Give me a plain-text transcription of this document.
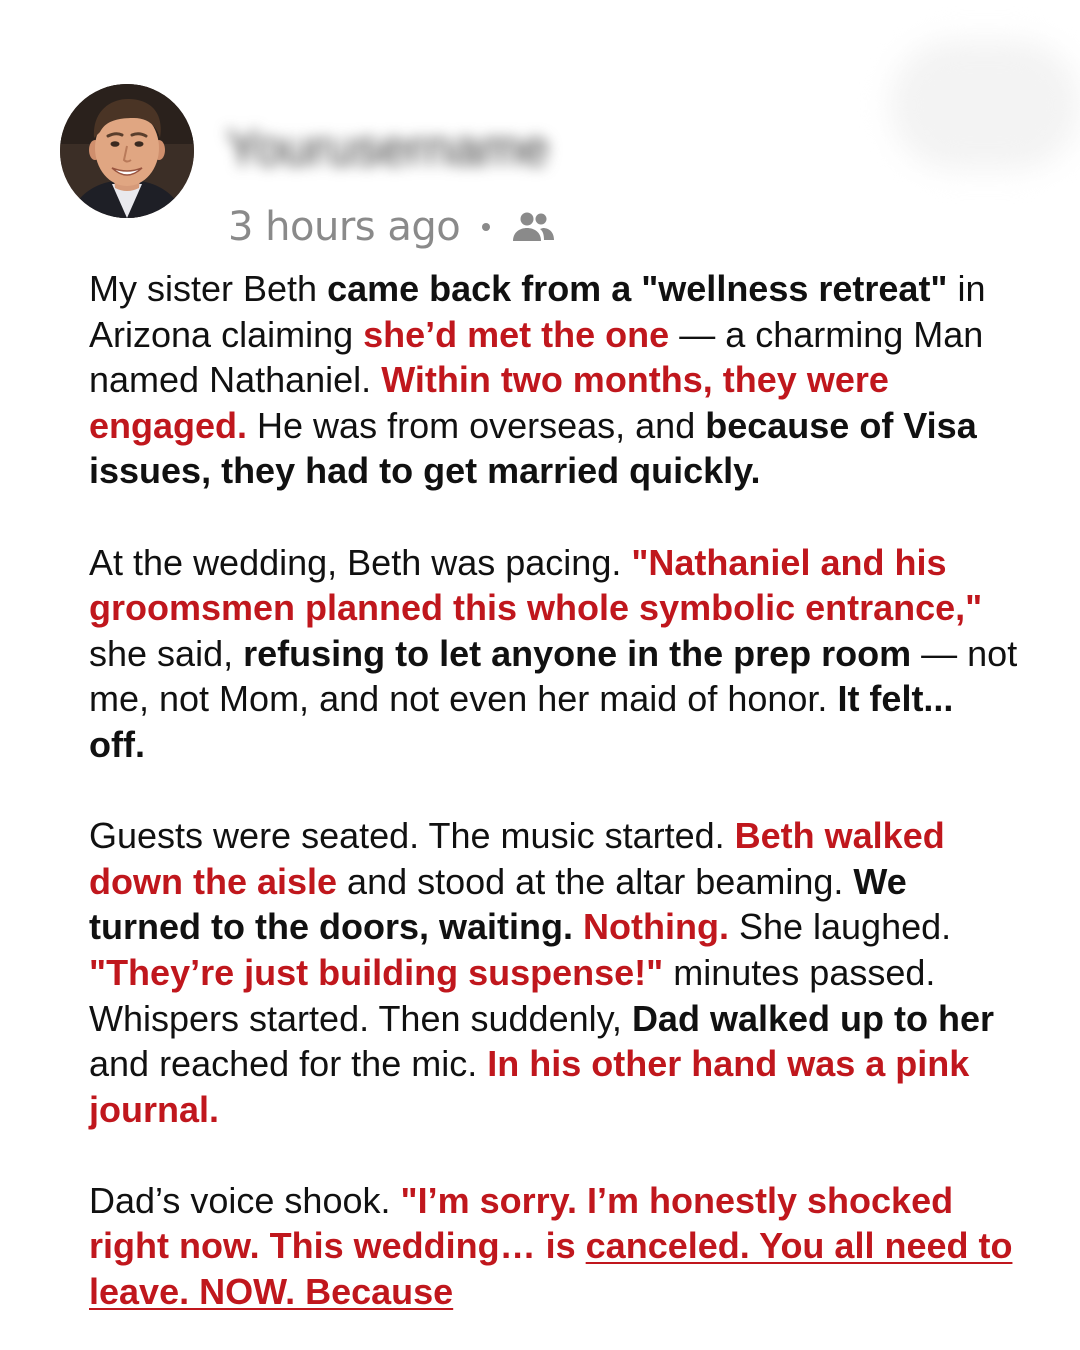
Yourusername
3 hours ago

My sister Beth came back from a "wellness retreat" in Arizona claiming she’d met the one — a charming Man named Nathaniel. Within two months, they were engaged. He was from overseas, and because of Visa issues, they had to get married quickly.

At the wedding, Beth was pacing. "Nathaniel and his groomsmen planned this whole symbolic entrance," she said, refusing to let anyone in the prep room — not me, not Mom, and not even her maid of honor. It felt... off.

Guests were seated. The music started. Beth walked down the aisle and stood at the altar beaming. We turned to the doors, waiting. Nothing. She laughed. "They’re just building suspense!" minutes passed. Whispers started. Then suddenly, Dad walked up to her and reached for the mic. In his other hand was a pink journal.

Dad’s voice shook. "I’m sorry. I’m honestly shocked right now. This wedding… is canceled. You all need to leave. NOW. Because
